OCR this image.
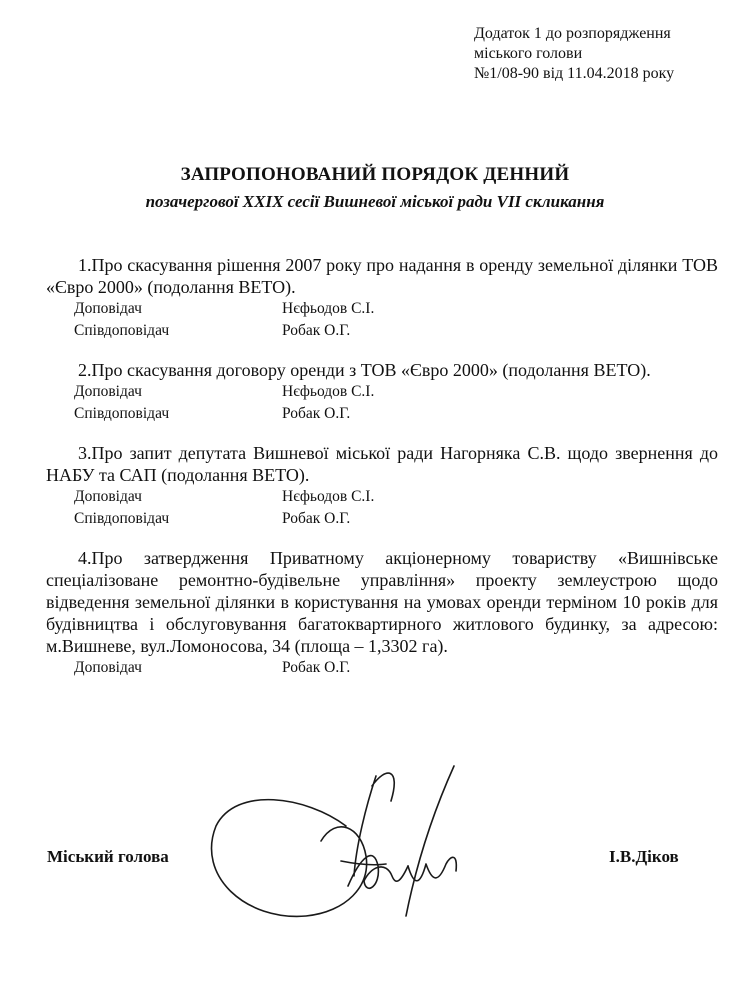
Додаток 1 до розпорядження
міського голови
№1/08-90 від 11.04.2018 року
ЗАПРОПОНОВАНИЙ ПОРЯДОК ДЕННИЙ
позачергової XXIX сесії Вишневої міської ради VII скликання
1.Про скасування рішення 2007 року про надання в оренду земельної ділянки ТОВ «Євро 2000» (подолання ВЕТО).
Доповідач	Нєфьодов С.І.
Співдоповідач	Робак О.Г.
2.Про скасування договору оренди з ТОВ «Євро 2000» (подолання ВЕТО).
Доповідач	Нєфьодов С.І.
Співдоповідач	Робак О.Г.
3.Про запит депутата Вишневої міської ради Нагорняка С.В. щодо звернення до НАБУ та САП (подолання ВЕТО).
Доповідач	Нєфьодов С.І.
Співдоповідач	Робак О.Г.
4.Про затвердження Приватному акціонерному товариству «Вишнівське спеціалізоване ремонтно-будівельне управління» проекту землеустрою щодо відведення земельної ділянки в користування на умовах оренди терміном 10 років для будівництва і обслуговування багатоквартирного житлового будинку, за адресою: м.Вишневе, вул.Ломоносова, 34 (площа – 1,3302 га).
Доповідач	Робак О.Г.
Міський голова	І.В.Діков
